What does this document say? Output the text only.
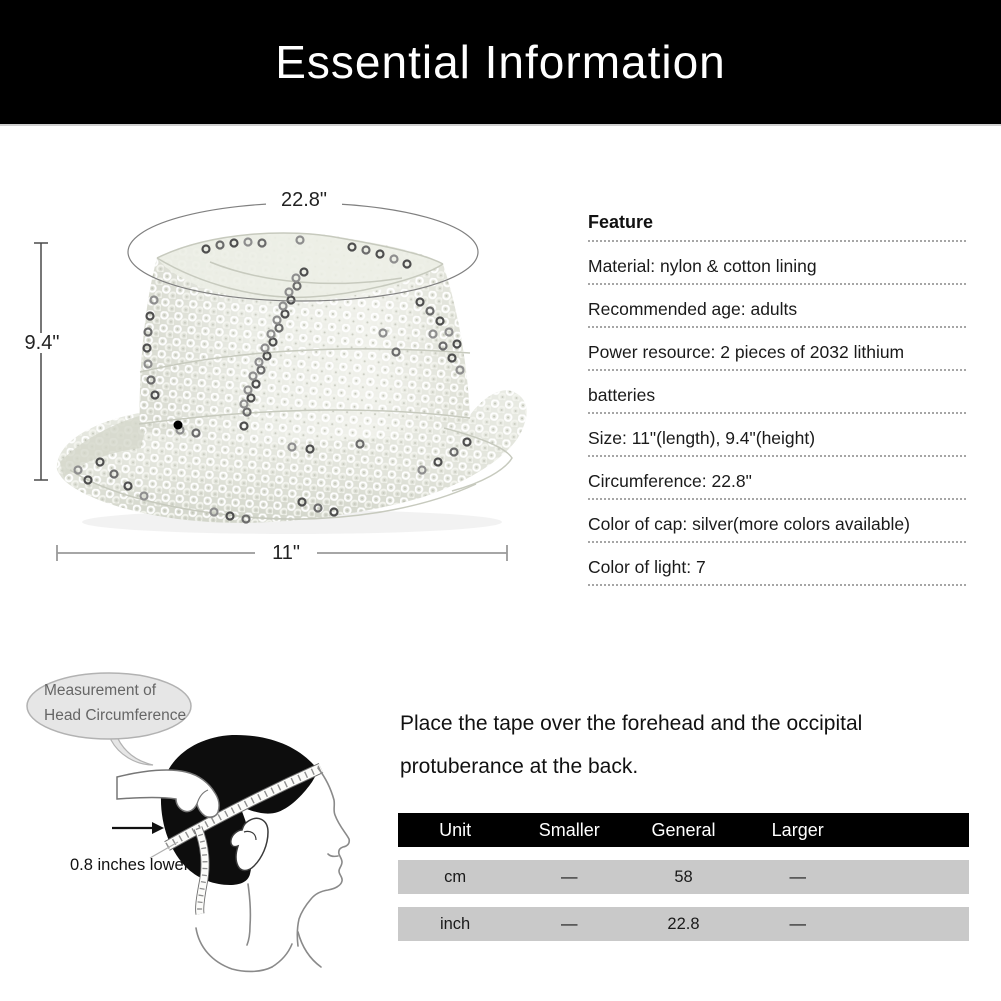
Essential Information
22.8"
9.4"
11"
Feature
Material: nylon & cotton lining
Recommended age: adults
Power resource: 2 pieces of 2032 lithium
batteries
Size: 11"(length), 9.4"(height)
Circumference: 22.8"
Color of cap: silver(more colors available)
Color of light: 7
Measurement of
Head Circumference
0.8 inches lower

Place the tape over the forehead and the occipital protuberance at the back.

Unit	Smaller	General	Larger
cm	—	58	—
inch	—	22.8	—
